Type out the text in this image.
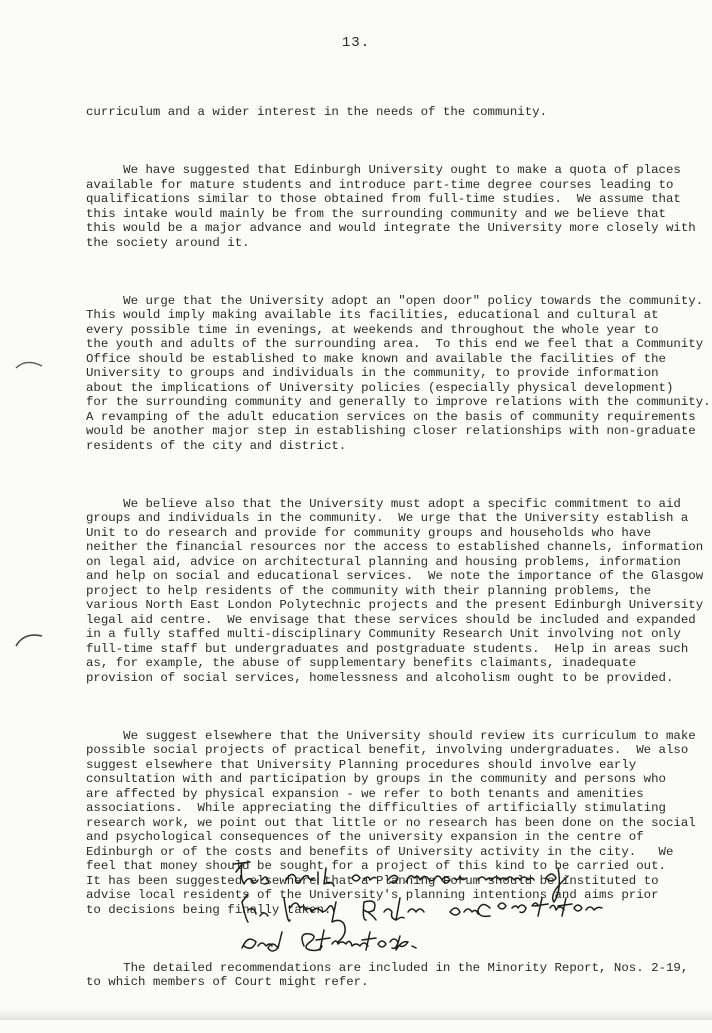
13.

curriculum and a wider interest in the needs of the community.

We have suggested that Edinburgh University ought to make a quota of places
available for mature students and introduce part-time degree courses leading to
qualifications similar to those obtained from full-time studies.  We assume that
this intake would mainly be from the surrounding community and we believe that
this would be a major advance and would integrate the University more closely with
the society around it.

We urge that the University adopt an "open door" policy towards the community.
This would imply making available its facilities, educational and cultural at
every possible time in evenings, at weekends and throughout the whole year to
the youth and adults of the surrounding area.  To this end we feel that a Community
Office should be established to make known and available the facilities of the
University to groups and individuals in the community, to provide information
about the implications of University policies (especially physical development)
for the surrounding community and generally to improve relations with the community.
A revamping of the adult education services on the basis of community requirements
would be another major step in establishing closer relationships with non-graduate
residents of the city and district.

We believe also that the University must adopt a specific commitment to aid
groups and individuals in the community.  We urge that the University establish a
Unit to do research and provide for community groups and households who have
neither the financial resources nor the access to established channels, information
on legal aid, advice on architectural planning and housing problems, information
and help on social and educational services.  We note the importance of the Glasgow
project to help residents of the community with their planning problems, the
various North East London Polytechnic projects and the present Edinburgh University
legal aid centre.  We envisage that these services should be included and expanded
in a fully staffed multi-disciplinary Community Research Unit involving not only
full-time staff but undergraduates and postgraduate students.  Help in areas such
as, for example, the abuse of supplementary benefits claimants, inadequate
provision of social services, homelessness and alcoholism ought to be provided.

We suggest elsewhere that the University should review its curriculum to make
possible social projects of practical benefit, involving undergraduates.  We also
suggest elsewhere that University Planning procedures should involve early
consultation with and participation by groups in the community and persons who
are affected by physical expansion - we refer to both tenants and amenities
associations.  While appreciating the difficulties of artificially stimulating
research work, we point out that little or no research has been done on the social
and psychological consequences of the university expansion in the centre of
Edinburgh or of the costs and benefits of University activity in the city.   We
feel that money should be sought for a project of this kind to be carried out.
It has been suggested elsewhere that a Planning Forum should be instituted to
advise local residents of the University's planning intentions and aims prior
to decisions being finally taken.

The detailed recommendations are included in the Minority Report, Nos. 2-19,
to which members of Court might refer.
